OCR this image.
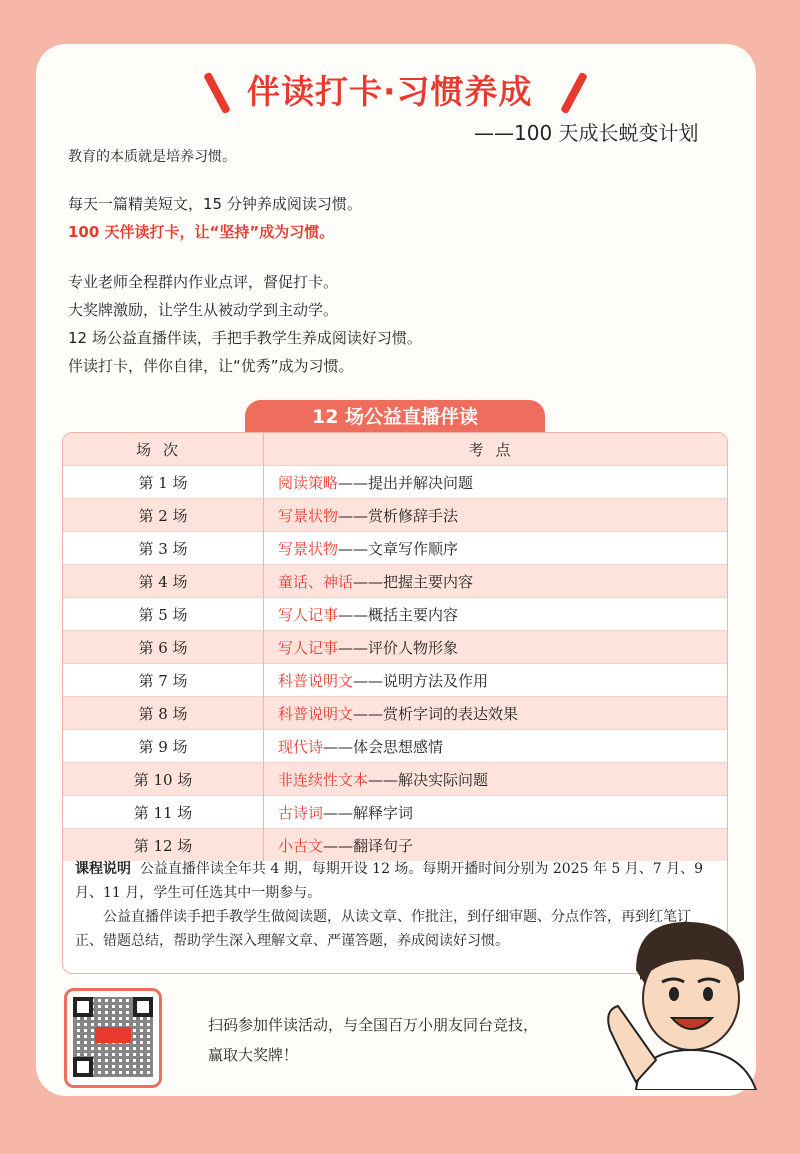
伴读打卡·习惯养成
——100 天成长蜕变计划
教育的本质就是培养习惯。
每天一篇精美短文，15 分钟养成阅读习惯。
100 天伴读打卡，让“坚持”成为习惯。
专业老师全程群内作业点评，督促打卡。
大奖牌激励，让学生从被动学到主动学。
12 场公益直播伴读，手把手教学生养成阅读好习惯。
伴读打卡，伴你自律，让“优秀”成为习惯。
12 场公益直播伴读
场次	考点
第 1 场	阅读策略——提出并解决问题
第 2 场	写景状物——赏析修辞手法
第 3 场	写景状物——文章写作顺序
第 4 场	童话、神话——把握主要内容
第 5 场	写人记事——概括主要内容
第 6 场	写人记事——评价人物形象
第 7 场	科普说明文——说明方法及作用
第 8 场	科普说明文——赏析字词的表达效果
第 9 场	现代诗——体会思想感情
第 10 场	非连续性文本——解决实际问题
第 11 场	古诗词——解释字词
第 12 场	小古文——翻译句子

课程说明 公益直播伴读全年共 4 期，每期开设 12 场。每期开播时间分别为 2025 年 5 月、7 月、9 月、11 月，学生可任选其中一期参与。

公益直播伴读手把手教学生做阅读题，从读文章、作批注，到仔细审题、分点作答，再到红笔订正、错题总结，帮助学生深入理解文章、严谨答题，养成阅读好习惯。

扫码参加伴读活动，与全国百万小朋友同台竞技，
赢取大奖牌！
